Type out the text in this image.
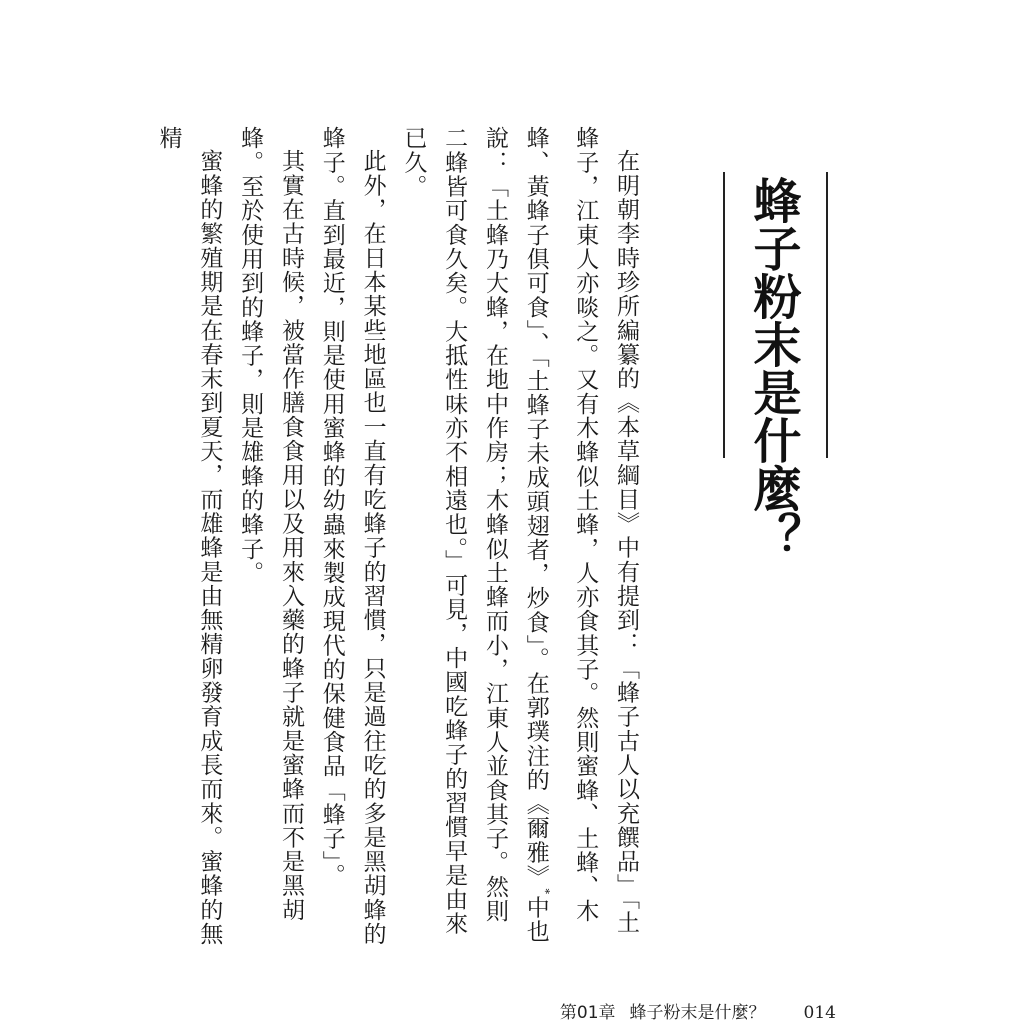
蜂子粉末是什麼？

在明朝李時珍所編纂的《本草綱目》中有提到：「蜂子古人以充饌品」「土蜂子，江東人亦啖之。又有木蜂似土蜂，人亦食其子。然則蜜蜂、土蜂、木蜂、黃蜂子俱可食」、「土蜂子未成頭翅者，炒食」。在郭璞注的《爾雅》*中也說：「土蜂乃大蜂，在地中作房；木蜂似土蜂而小，江東人並食其子。然則二蜂皆可食久矣。大抵性味亦不相遠也。」可見，中國吃蜂子的習慣早是由來已久。

此外，在日本某些地區也一直有吃蜂子的習慣，只是過往吃的多是黑胡蜂的蜂子。直到最近，則是使用蜜蜂的幼蟲來製成現代的保健食品「蜂子」。

其實在古時候，被當作膳食食用以及用來入藥的蜂子就是蜜蜂而不是黑胡蜂。至於使用到的蜂子，則是雄蜂的蜂子。

蜜蜂的繁殖期是在春末到夏天，而雄蜂是由無精卵發育成長而來。蜜蜂的無精

第01章 蜂子粉末是什麼？ 014
